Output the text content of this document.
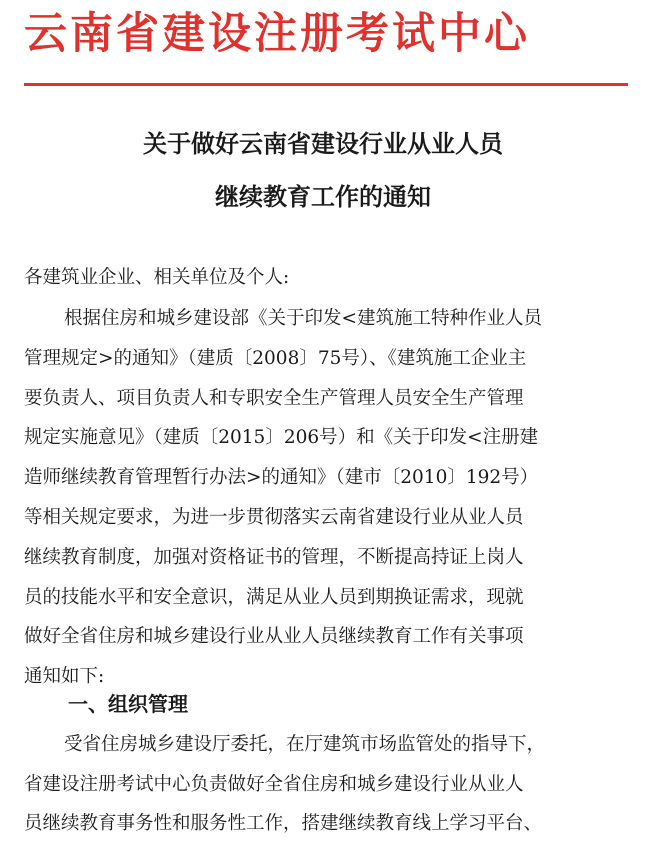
云南省建设注册考试中心
关于做好云南省建设行业从业人员
继续教育工作的通知
各建筑业企业、相关单位及个人:
根据住房和城乡建设部《关于印发<建筑施工特种作业人员
管理规定>的通知》（建质〔2008〕75号）、《建筑施工企业主
要负责人、项目负责人和专职安全生产管理人员安全生产管理
规定实施意见》（建质〔2015〕206号）和《关于印发<注册建
造师继续教育管理暂行办法>的通知》（建市〔2010〕192号）
等相关规定要求，为进一步贯彻落实云南省建设行业从业人员
继续教育制度，加强对资格证书的管理，不断提高持证上岗人
员的技能水平和安全意识，满足从业人员到期换证需求，现就
做好全省住房和城乡建设行业从业人员继续教育工作有关事项
通知如下:
一、组织管理
受省住房城乡建设厅委托，在厅建筑市场监管处的指导下，
省建设注册考试中心负责做好全省住房和城乡建设行业从业人
员继续教育事务性和服务性工作，搭建继续教育线上学习平台、
